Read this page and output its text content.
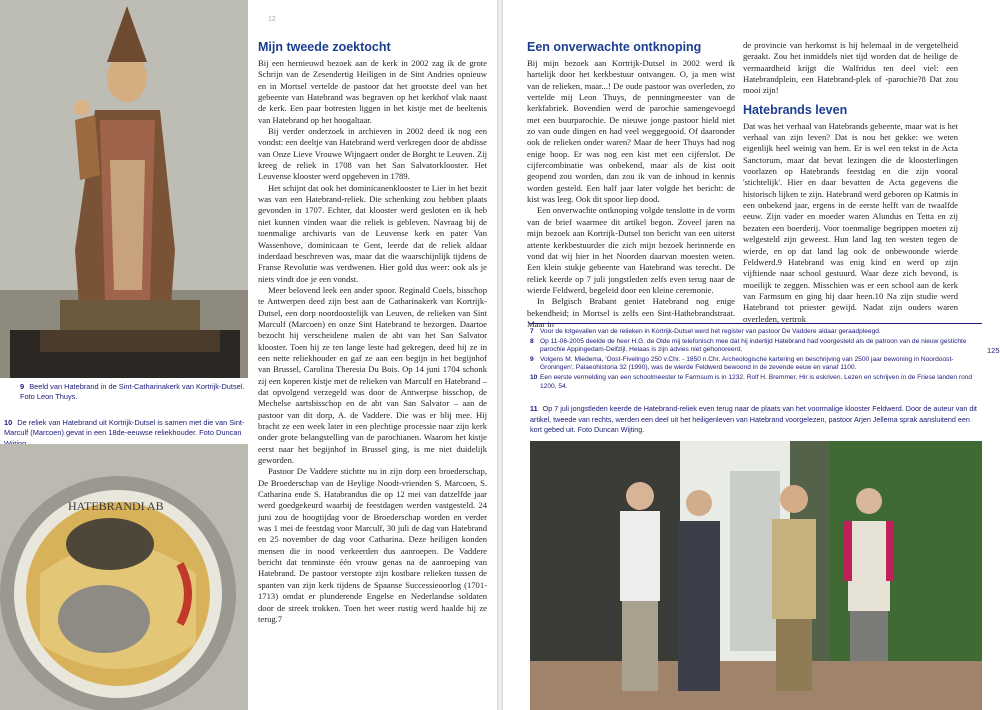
9 Beeld van Hatebrand in de Sint-Catharinakerk van Kortrijk-Dutsel. Foto Leon Thuys.
10 De reliek van Hatebrand uit Kortrijk-Dutsel is samen met die van Sint-Marculf (Marcoen) gevat in een 18de-eeuwse reliekhouder. Foto Duncan
HATEBRANDI AB
12
Mijn tweede zoektocht

Bij een hernieuwd bezoek aan de kerk in 2002 zag ik de grote Schrijn van de Zesendertig Heiligen in de Sint Andries opnieuw en in Mortsel vertelde de pastoor dat het grootste deel van het gebeente van Hatebrand was begraven op het kerkhof vlak naast de kerk. Een paar botresten liggen in het kistje met de beeltenis van Hatebrand op het hoogaltaar.

Bij verder onderzoek in archieven in 2002 deed ik nog een vondst: een deeltje van Hatebrand werd verkregen door de abdisse van Onze Lieve Vrouwe Wijngaert onder de Borght te Leuven. Zij kreeg de reliek in 1708 van het San Salvatorklooster. Het Leuvense klooster werd opgeheven in 1789.

Het schijnt dat ook het dominicanenklooster te Lier in het bezit was van een Hatebrand-reliek. Die schenking zou hebben plaats gevonden in 1707. Echter, dat klooster werd gesloten en ik heb niet kunnen vinden waar die reliek is gebleven. Navraag bij de toenmalige archivaris van de Leuvense kerk en pater Van Wassenhove, dominicaan te Gent, leerde dat de reliek aldaar inderdaad beschreven was, maar dat die waarschijnlijk tijdens de Franse Revolutie was verdwenen. Hier gold dus weer: ook als je niets vindt doe je een vondst.

Meer belovend leek een ander spoor. Reginald Coels, bisschop te Antwerpen deed zijn best aan de Catharinakerk van Kortrijk-Dutsel, een dorp noordoostelijk van Leuven, de relieken van Sint Marculf (Marcoen) en onze Sint Hatebrand te bezorgen. Daartoe bezocht hij verscheidene malen de abt van het San Salvator klooster. Toen hij ze ten lange leste had gekregen, deed hij ze in een nette reliekhouder en gaf ze aan een begijn in het begijnhof van Brussel, Carolina Theresia Du Bois. Op 14 juni 1704 schonk zij een koperen kistje met de relieken van Marculf en Hatebrand – dat opvolgend verzegeld was door de Antwerpse bisschop, de Mechelse aartsbisschop en de abt van San Salvator – aan de pastoor van dit dorp, A. de Vaddere. Die was er blij mee. Hij bracht ze een week later in een plechtige processie naar zijn kerk onder grote belangstelling van de parochianen. Waarom het kistje eerst naar het begijnhof in Brussel ging, is me niet duidelijk geworden.

Pastoor De Vaddere stichtte nu in zijn dorp een broederschap, De Broederschap van de Heylige Noodt-vrienden S. Marcoen, S. Catharina ende S. Hatabrandus die op 12 mei van datzelfde jaar werd goedgekeurd waarbij de feestdagen werden vastgesteld. 24 juni zou de hoogtijdag voor de Broederschap worden en verder was 1 mei de feestdag voor Marculf, 30 juli de dag van Hatebrand en 25 november de dag voor Catharina. Deze heiligen konden mensen die in nood verkeerden dus aanroepen. De Vaddere bericht dat tenminste één vrouw genas na de aanroeping van Hatebrand. De pastoor verstopte zijn kostbare relieken tussen de spanten van zijn kerk tijdens de Spaanse Successieoorlog (1701-1713) omdat er plunderende Engelse en Nederlandse soldaten door de streek trokken. Toen het weer rustig werd haalde hij ze terug.7

Een onverwachte ontknoping

Bij mijn bezoek aan Kortrijk-Dutsel in 2002 werd ik hartelijk door het kerkbestuur ontvangen. O, ja men wist van de relieken, maar...! De oude pastoor was overleden, zo vertelde mij Leon Thuys, de penningmeester van de kerkfabriek. Bovendien werd de parochie samengevoegd met een buurparochie. De nieuwe jonge pastoor hield niet zo van oude dingen en had veel weggegooid. Of daaronder ook de relieken onder waren? Maar de heer Thuys had nog enige hoop. Er was nog een kist met een cijferslot. De cijfercombinatie was onbekend, maar als de kist ooit geopend zou worden, dan zou ik van de inhoud in kennis worden gesteld. Een half jaar later volgde het bericht: de kist was leeg. Ook dit spoor liep dood.

Een onverwachte ontknoping volgde tenslotte in de vorm van de brief waarmee dit artikel begon. Zoveel jaren na mijn bezoek aan Kortrijk-Dutsel ton bericht van een uiterst attente kerkbestuurder die zich mijn bezoek herinnerde en vond dat wij hier in het Noorden daarvan moesten weten. Een klein stukje gebeente van Hatebrand was terecht. De reliek keerde op 7 juli jongstleden zelfs even terug naar de wierde Feldwerd, begeleid door een kleine ceremonie.

In Belgisch Brabant geniet Hatebrand nog enige bekendheid; in Mortsel is zelfs een Sint-Hathebrandstraat. Maar in

de provincie van herkomst is hij helemaal in de vergetelheid geraakt. Zou het inmiddels niet tijd worden dat de heilige de vermaardheid krijgt die Walfridus ten deel viel: een Hatebrandplein, een Hatebrand-plek of -parochie?8 Dat zou mooi zijn!

Hatebrands leven

Dat was het verhaal van Hatebrands gebeente, maar wat is het verhaal van zijn leven? Dat is nou het gekke: we weten eigenlijk heel weinig van hem. Er is wel een tekst in de Acta Sanctorum, maar dat bevat lezingen die de kloosterlingen voorlazen op Hatebrands feestdag en die zijn vooral 'stichtelijk'. Hier en daar bevatten de Acta gegevens die historisch lijken te zijn. Hatebrand werd geboren op Katmis in een onbekend jaar, ergens in de eerste helft van de twaalfde eeuw. Zijn vader en moeder waren Alundus en Tetta en zij bezaten een boerderij. Voor toenmalige begrippen moeten zij welgesteld zijn geweest. Hun land lag ten westen tegen de wierde, en op dat land lag ook de onbewoonde wierde Feldwerd.9 Hatebrand was enig kind en werd op zijn vijftiende naar school gestuurd. Waar deze zich bevond, is moeilijk te zeggen. Misschien was er een school aan de kerk van Farmsum en ging hij daar heen.10 Na zijn studie werd Hatebrand tot priester gewijd. Nadat zijn ouders waren overleden, vertrok

7 Voor de lotgevallen van de relieken in Kortrijk-Dutsel werd het register van pastoor De Vaddere aldaar geraadpleegd.
8 Op 11-06-2005 deelde de heer H.G. de Olde mij telefonisch mee dat hij indertijd Hatebrand had voorgesteld als de patroon van de nieuw gestichte parochie Appingedam-Delfzijl. Helaas is zijn advies niet gehonoreerd.
9 Volgens M. Miedema, 'Oost-Fivelingo 250 v.Chr. - 1850 n.Chr. Archeologische kartering en beschrijving van 2500 jaar bewoning in Noordoost-Groningen', Palaeohistoria 32 (1990), was de wierde Feldwerd bewoond in de zevende eeuw en vanaf 1100.
10 Een eerste vermelding van een schoolmeester te Farmsum is in 1232. Rolf H. Bremmer, Hir is eskriven. Lezen en schrijven in de Friese landen rond 1200, 54.
125
11 Op 7 juli jongstleden keerde de Hatebrand-reliek even terug naar de plaats van het voormalige klooster Feldwerd. Door de auteur van dit artikel, tweede van rechts, werden een deel uit het heiligenleven van Hatebrand voorgelezen, pastoor Arjen Jellema sprak aansluitend een kort gebed uit. Foto Duncan Wijting.
